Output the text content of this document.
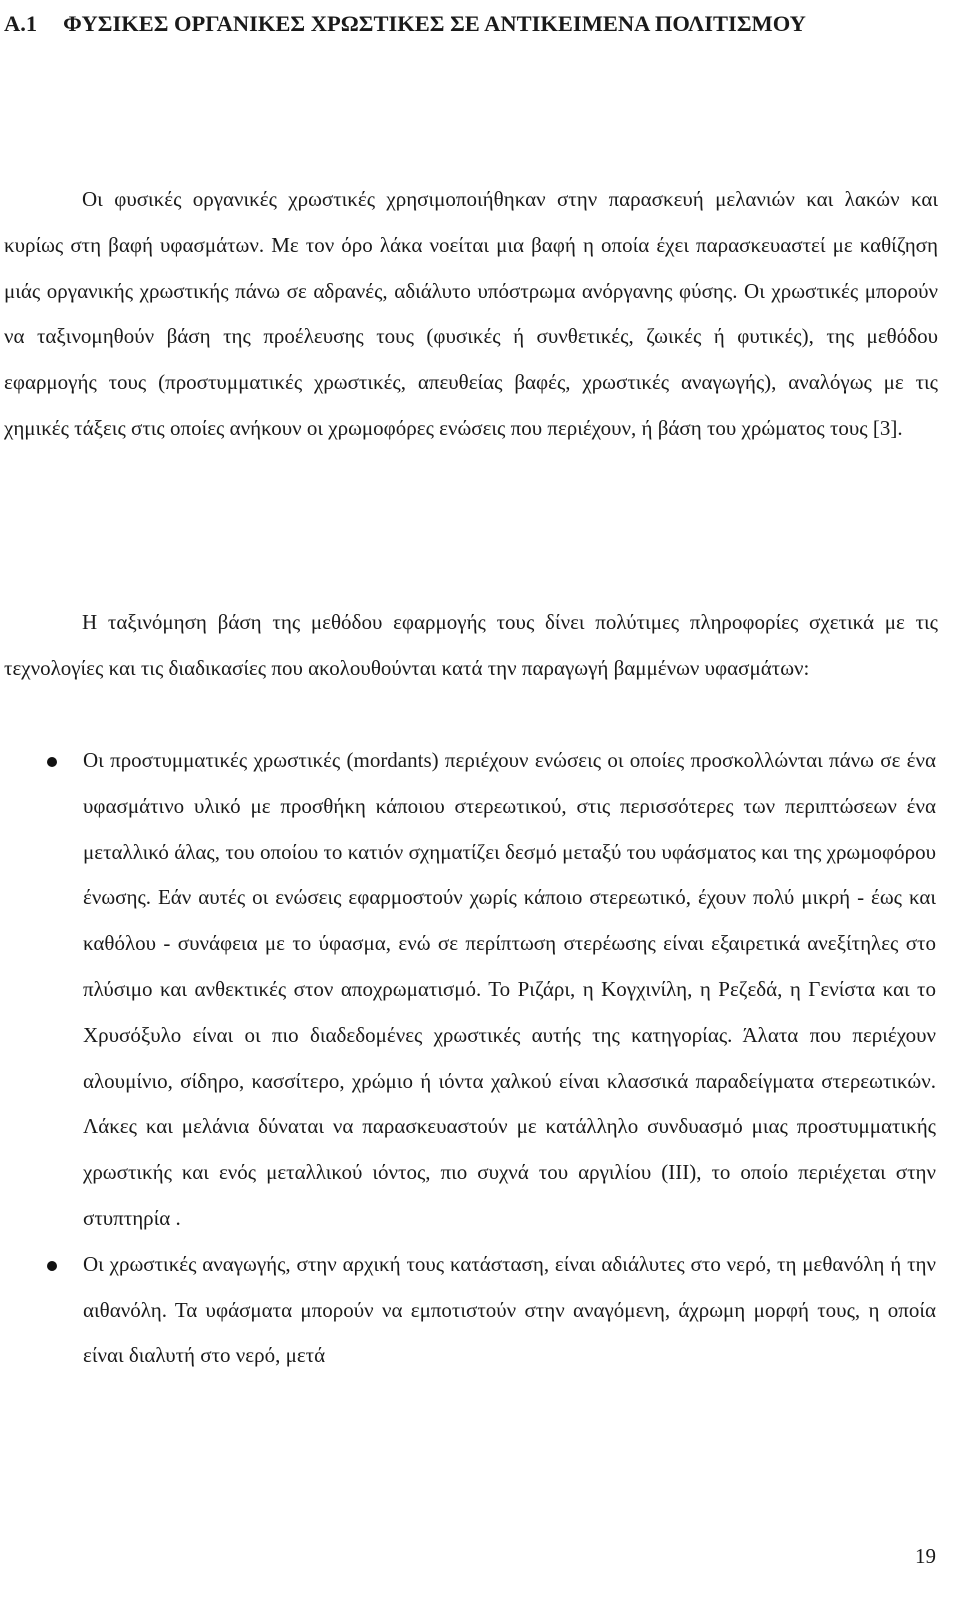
A.1 ΦΥΣΙΚΕΣ ΟΡΓΑΝΙΚΕΣ ΧΡΩΣΤΙΚΕΣ ΣΕ ΑΝΤΙΚΕΙΜΕΝΑ ΠΟΛΙΤΙΣΜΟΥ

Οι φυσικές οργανικές χρωστικές χρησιμοποιήθηκαν στην παρασκευή μελανιών και λακών και κυρίως στη βαφή υφασμάτων. Με τον όρο λάκα νοείται μια βαφή η οποία έχει παρασκευαστεί με καθίζηση μιάς οργανικής χρωστικής πάνω σε αδρανές, αδιάλυτο υπόστρωμα ανόργανης φύσης. Οι χρωστικές μπορούν να ταξινομηθούν βάση της προέλευσης τους (φυσικές ή συνθετικές, ζωικές ή φυτικές), της μεθόδου εφαρμογής τους (προστυμματικές χρωστικές, απευθείας βαφές, χρωστικές αναγωγής), αναλόγως με τις χημικές τάξεις στις οποίες ανήκουν οι χρωμοφόρες ενώσεις που περιέχουν, ή βάση του χρώματος τους [3].

Η ταξινόμηση βάση της μεθόδου εφαρμογής τους δίνει πολύτιμες πληροφορίες σχετικά με τις τεχνολογίες και τις διαδικασίες που ακολουθούνται κατά την παραγωγή βαμμένων υφασμάτων:

Οι προστυμματικές χρωστικές (mordants) περιέχουν ενώσεις οι οποίες προσκολλώνται πάνω σε ένα υφασμάτινο υλικό με προσθήκη κάποιου στερεωτικού, στις περισσότερες των περιπτώσεων ένα μεταλλικό άλας, του οποίου το κατιόν σχηματίζει δεσμό μεταξύ του υφάσματος και της χρωμοφόρου ένωσης. Εάν αυτές οι ενώσεις εφαρμοστούν χωρίς κάποιο στερεωτικό, έχουν πολύ μικρή - έως και καθόλου - συνάφεια με το ύφασμα, ενώ σε περίπτωση στερέωσης είναι εξαιρετικά ανεξίτηλες στο πλύσιμο και ανθεκτικές στον αποχρωματισμό. Το Ριζάρι, η Κογχινίλη, η Ρεζεδά, η Γενίστα και το Χρυσόξυλο είναι οι πιο διαδεδομένες χρωστικές αυτής της κατηγορίας. Άλατα που περιέχουν αλουμίνιο, σίδηρο, κασσίτερο, χρώμιο ή ιόντα χαλκού είναι κλασσικά παραδείγματα στερεωτικών. Λάκες και μελάνια δύναται να παρασκευαστούν με κατάλληλο συνδυασμό μιας προστυμματικής χρωστικής και ενός μεταλλικού ιόντος, πιο συχνά του αργιλίου (III), το οποίο περιέχεται στην στυπτηρία .
Οι χρωστικές αναγωγής, στην αρχική τους κατάσταση, είναι αδιάλυτες στο νερό, τη μεθανόλη ή την αιθανόλη. Τα υφάσματα μπορούν να εμποτιστούν στην αναγόμενη, άχρωμη μορφή τους, η οποία είναι διαλυτή στο νερό, μετά
19
